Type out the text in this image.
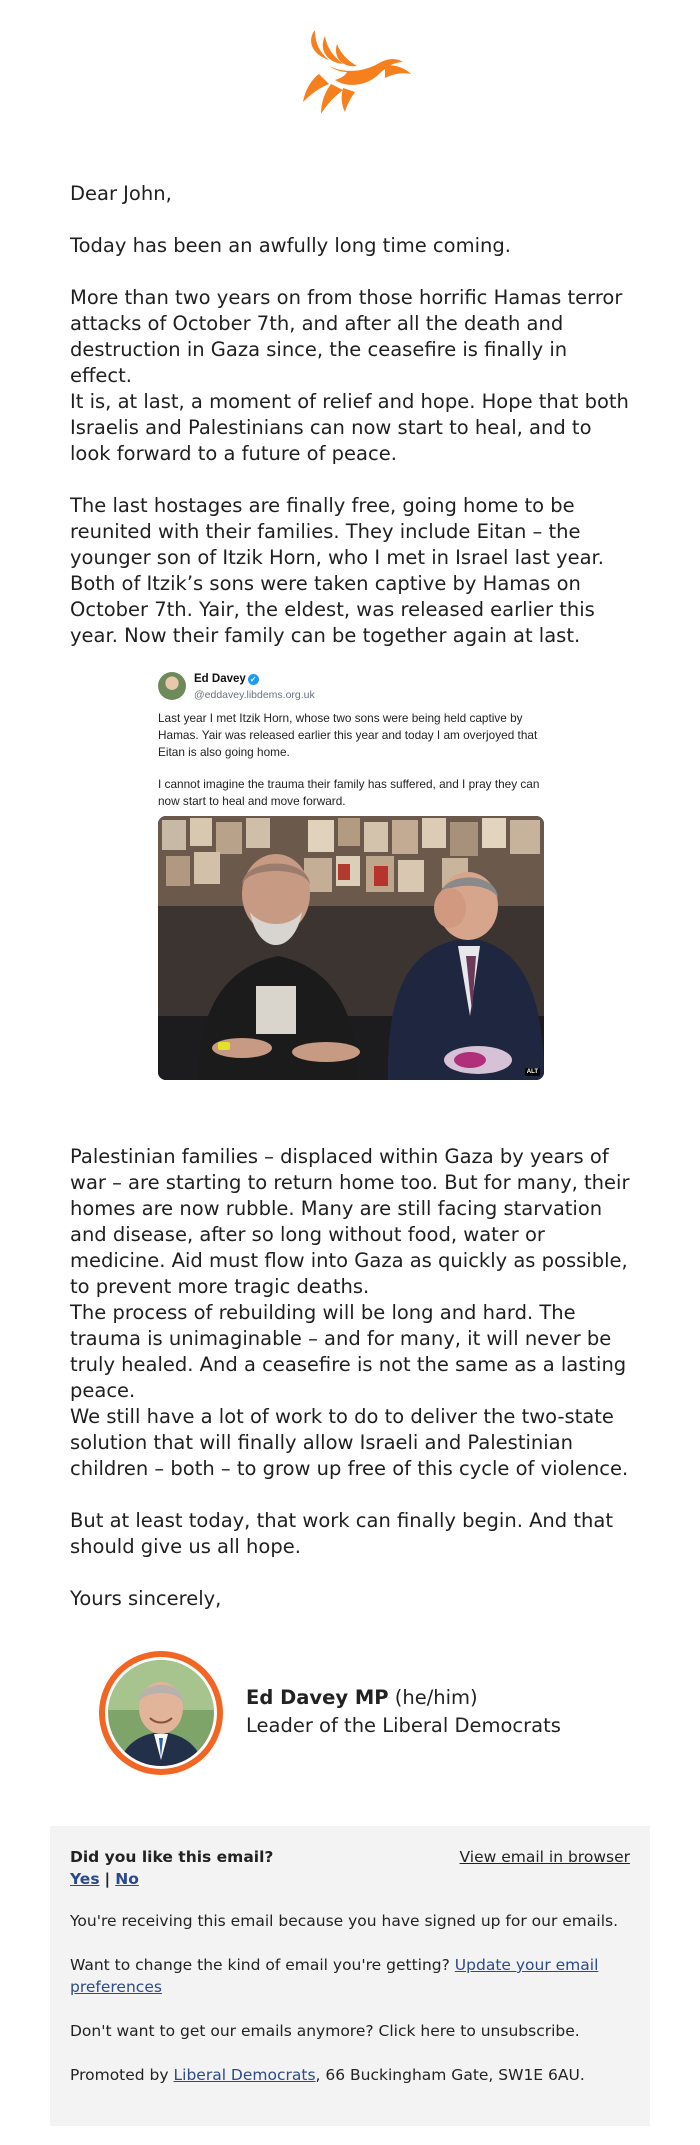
Dear John,

Today has been an awfully long time coming.

More than two years on from those horrific Hamas terror attacks of October 7th, and after all the death and destruction in Gaza since, the ceasefire is finally in effect.

It is, at last, a moment of relief and hope. Hope that both Israelis and Palestinians can now start to heal, and to look forward to a future of peace.

The last hostages are finally free, going home to be reunited with their families. They include Eitan – the younger son of Itzik Horn, who I met in Israel last year. Both of Itzik’s sons were taken captive by Hamas on October 7th. Yair, the eldest, was released earlier this year. Now their family can be together again at last.

Ed Davey ✓
@eddavey.libdems.org.uk

Last year I met Itzik Horn, whose two sons were being held captive by Hamas. Yair was released earlier this year and today I am overjoyed that Eitan is also going home.

I cannot imagine the trauma their family has suffered, and I pray they can now start to heal and move forward.

ALT

Palestinian families – displaced within Gaza by years of war – are starting to return home too. But for many, their homes are now rubble. Many are still facing starvation and disease, after so long without food, water or medicine. Aid must flow into Gaza as quickly as possible, to prevent more tragic deaths.

The process of rebuilding will be long and hard. The trauma is unimaginable – and for many, it will never be truly healed. And a ceasefire is not the same as a lasting peace.

We still have a lot of work to do to deliver the two-state solution that will finally allow Israeli and Palestinian children – both – to grow up free of this cycle of violence.

But at least today, that work can finally begin. And that should give us all hope.

Yours sincerely,

Ed Davey MP (he/him)
Leader of the Liberal Democrats

Did you like this email?	View email in browser

Yes | No

You're receiving this email because you have signed up for our emails.

Want to change the kind of email you're getting? Update your email preferences

Don't want to get our emails anymore? Click here to unsubscribe.

Promoted by Liberal Democrats, 66 Buckingham Gate, SW1E 6AU.
